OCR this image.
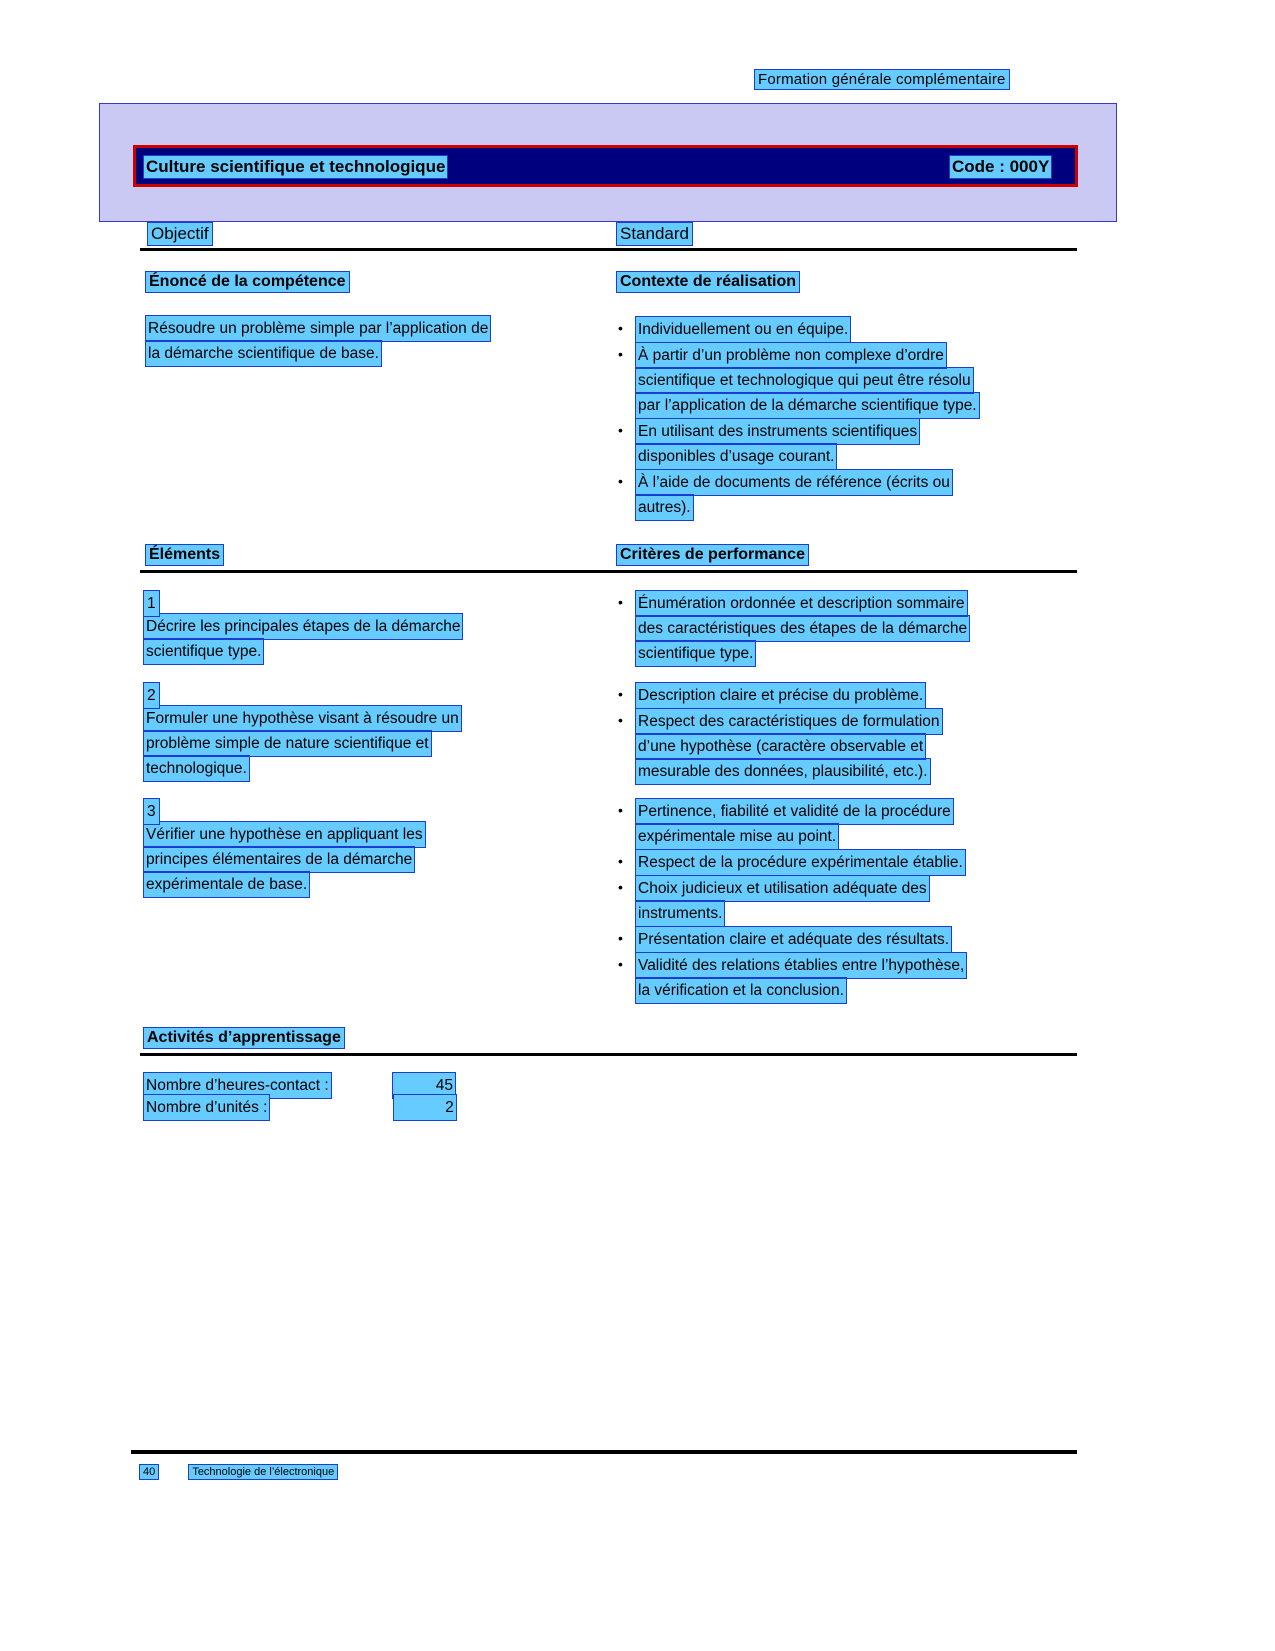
Formation générale complémentaire
Culture scientifique et technologique	Code : 000Y
Objectif	Standard
Énoncé de la compétence	Contexte de réalisation
Résoudre un problème simple par l’application de
la démarche scientifique de base.
• Individuellement ou en équipe.
• À partir d’un problème non complexe d’ordre
scientifique et technologique qui peut être résolu
par l’application de la démarche scientifique type.
• En utilisant des instruments scientifiques
disponibles d’usage courant.
• À l’aide de documents de référence (écrits ou
autres).
Éléments	Critères de performance
1
Décrire les principales étapes de la démarche
scientifique type.
• Énumération ordonnée et description sommaire
des caractéristiques des étapes de la démarche
scientifique type.
2
Formuler une hypothèse visant à résoudre un
problème simple de nature scientifique et
technologique.
• Description claire et précise du problème.
• Respect des caractéristiques de formulation
d’une hypothèse (caractère observable et
mesurable des données, plausibilité, etc.).
3
Vérifier une hypothèse en appliquant les
principes élémentaires de la démarche
expérimentale de base.
• Pertinence, fiabilité et validité de la procédure
expérimentale mise au point.
• Respect de la procédure expérimentale établie.
• Choix judicieux et utilisation adéquate des
instruments.
• Présentation claire et adéquate des résultats.
• Validité des relations établies entre l’hypothèse,
la vérification et la conclusion.
Activités d’apprentissage
Nombre d’heures-contact :	45
Nombre d’unités :	2
40	Technologie de l’électronique
